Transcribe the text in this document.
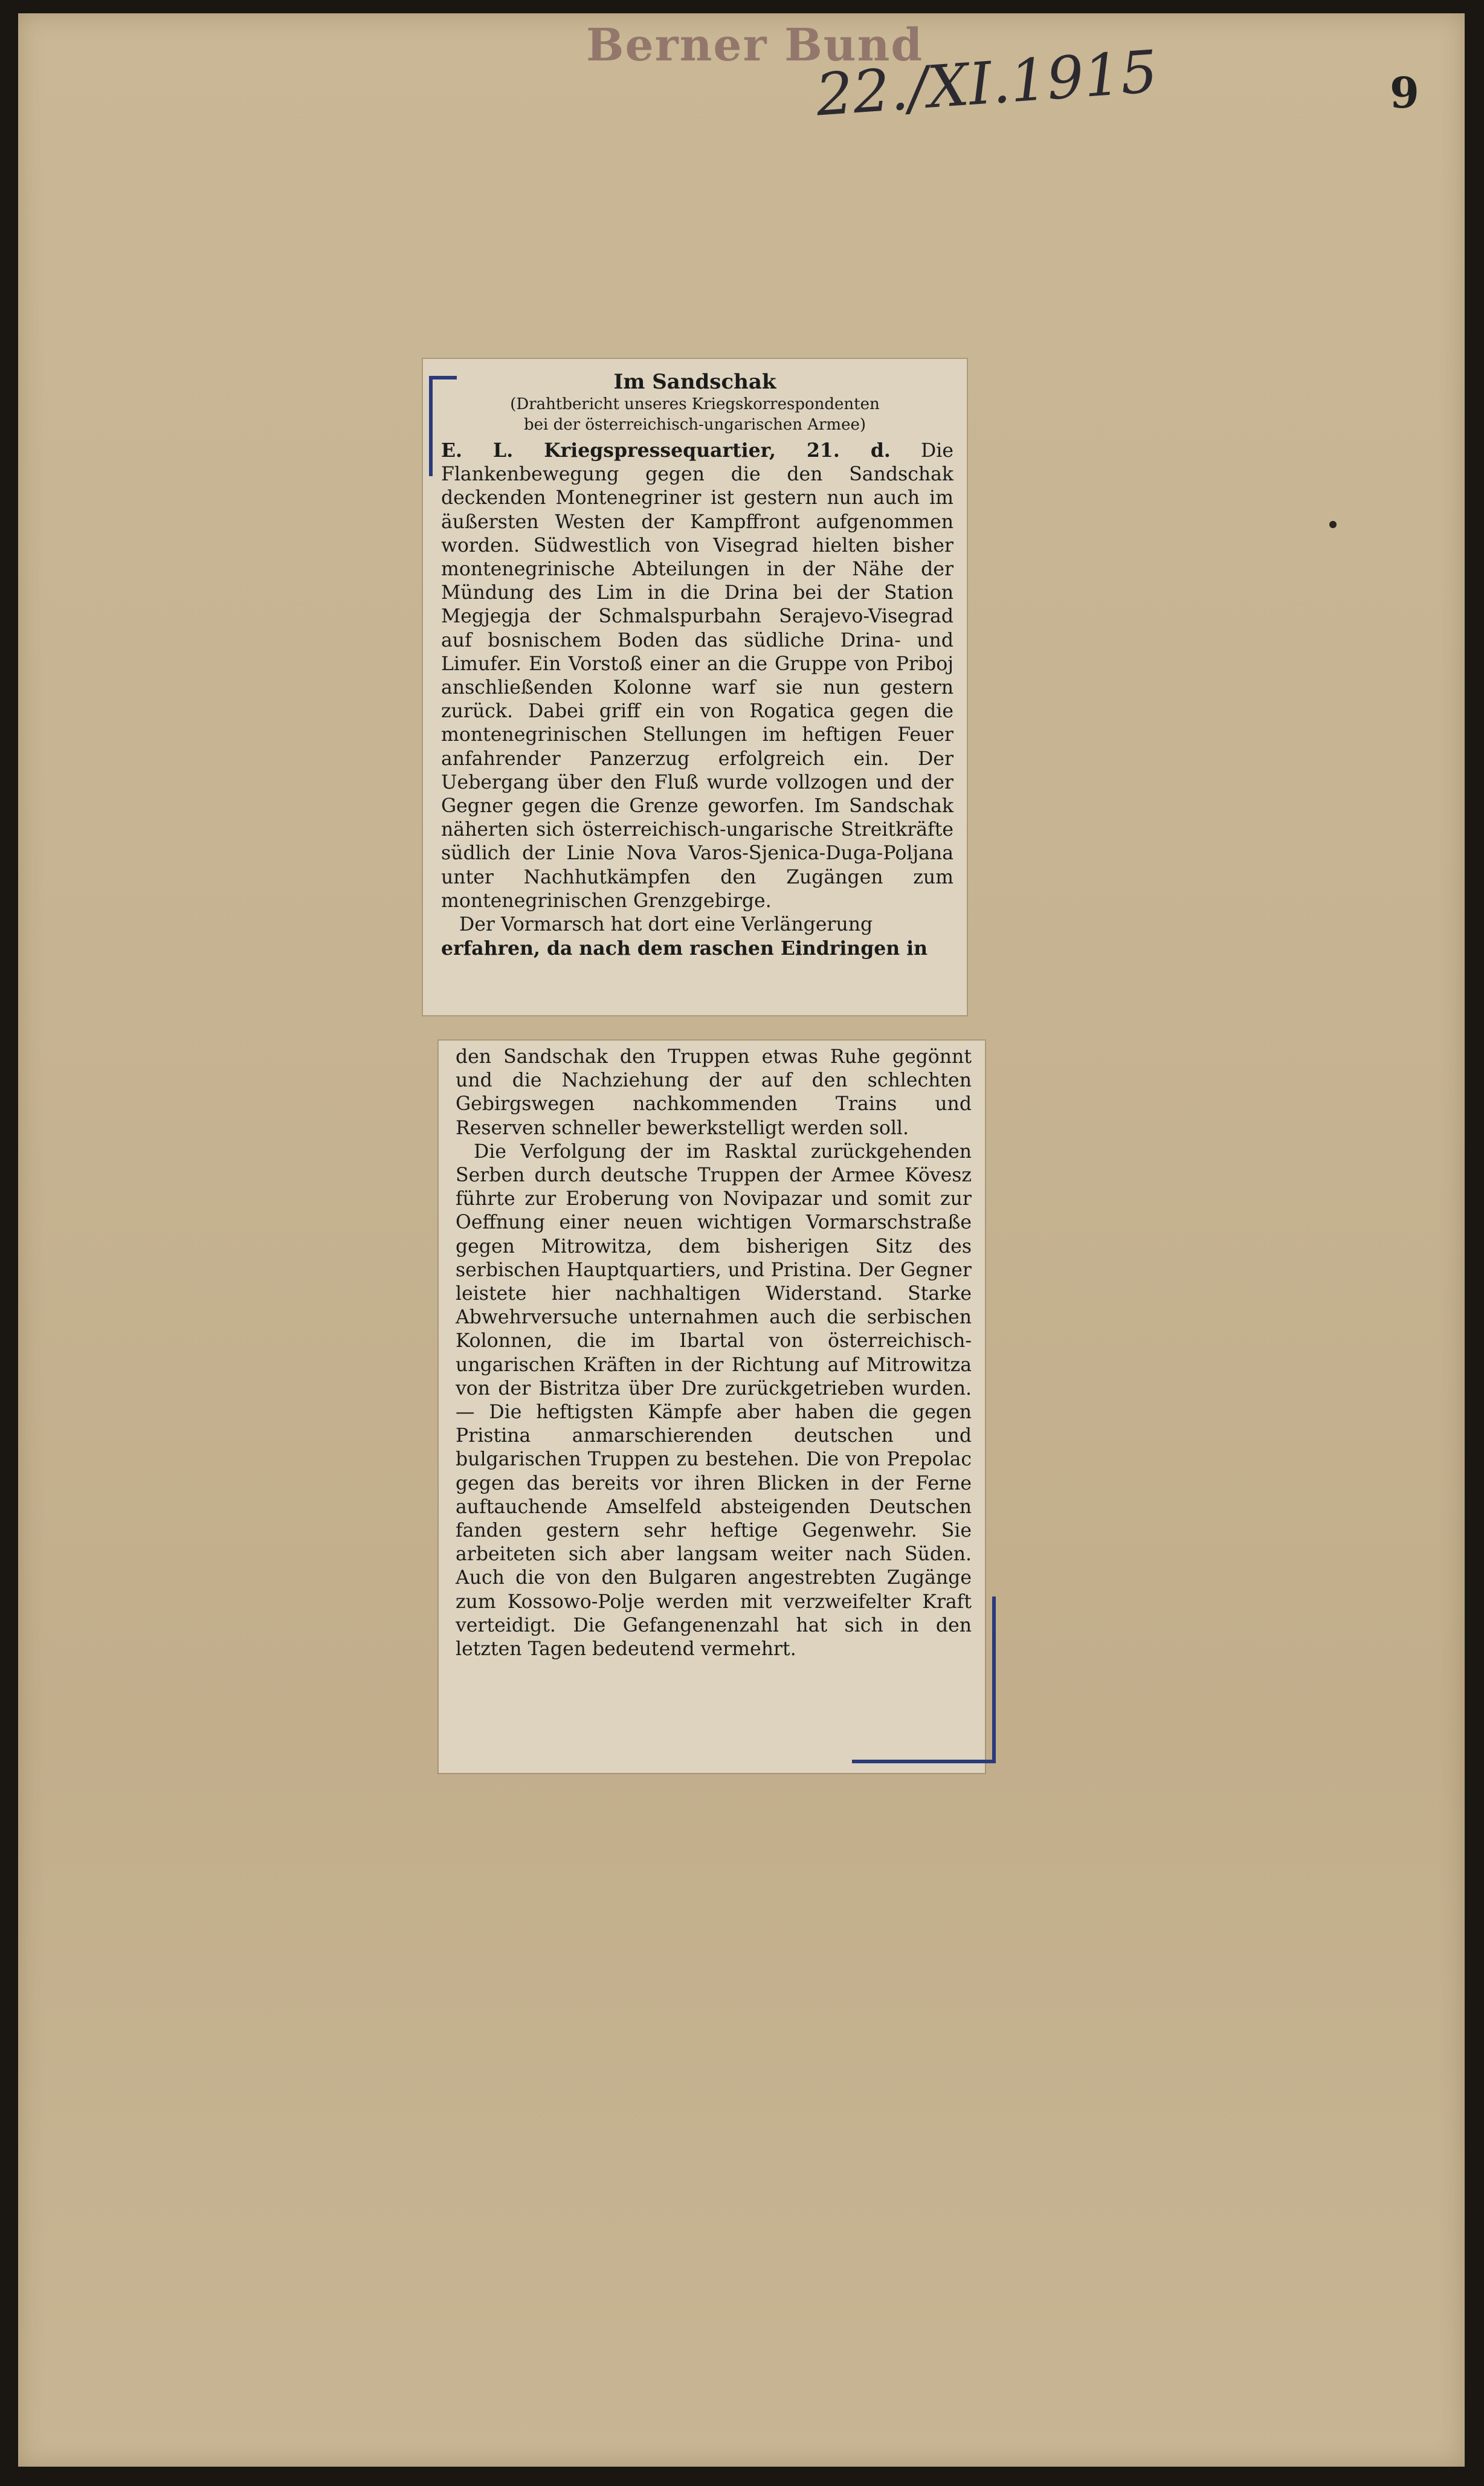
Berner Bund
22./XI.1915	9
Im Sandschak
(Drahtbericht unseres Kriegskorrespondenten
bei der österreichisch-ungarischen Armee)
E. L. Kriegspressequartier, 21. d. Die Flankenbewegung gegen die den Sandschak deckenden Montenegriner ist gestern nun auch im äußersten Westen der Kampffront aufgenommen worden. Südwestlich von Visegrad hielten bisher montenegrinische Abteilungen in der Nähe der Mündung des Lim in die Drina bei der Station Megjegja der Schmalspurbahn Serajevo-Visegrad auf bosnischem Boden das südliche Drina- und Limufer. Ein Vorstoß einer an die Gruppe von Priboj anschließenden Kolonne warf sie nun gestern zurück. Dabei griff ein von Rogatica gegen die montenegrinischen Stellungen im heftigen Feuer anfahrender Panzerzug erfolgreich ein. Der Uebergang über den Fluß wurde vollzogen und der Gegner gegen die Grenze geworfen. Im Sandschak näherten sich österreichisch-ungarische Streitkräfte südlich der Linie Nova Varos-Sjenica-Duga-Poljana unter Nachhutkämpfen den Zugängen zum montenegrinischen Grenzgebirge.
Der Vormarsch hat dort eine Verlängerung
erfahren, da nach dem raschen Eindringen in
den Sandschak den Truppen etwas Ruhe gegönnt und die Nachziehung der auf den schlechten Gebirgswegen nachkommenden Trains und Reserven schneller bewerkstelligt werden soll.
Die Verfolgung der im Rasktal zurückgehenden Serben durch deutsche Truppen der Armee Kövesz führte zur Eroberung von Novipazar und somit zur Oeffnung einer neuen wichtigen Vormarschstraße gegen Mitrowitza, dem bisherigen Sitz des serbischen Hauptquartiers, und Pristina. Der Gegner leistete hier nachhaltigen Widerstand. Starke Abwehrversuche unternahmen auch die serbischen Kolonnen, die im Ibartal von österreichisch-ungarischen Kräften in der Richtung auf Mitrowitza von der Bistritza über Dre zurückgetrieben wurden. — Die heftigsten Kämpfe aber haben die gegen Pristina anmarschierenden deutschen und bulgarischen Truppen zu bestehen. Die von Prepolac gegen das bereits vor ihren Blicken in der Ferne auftauchende Amselfeld absteigenden Deutschen fanden gestern sehr heftige Gegenwehr. Sie arbeiteten sich aber langsam weiter nach Süden. Auch die von den Bulgaren angestrebten Zugänge zum Kossowo-Polje werden mit verzweifelter Kraft verteidigt. Die Gefangenenzahl hat sich in den letzten Tagen bedeutend vermehrt.
